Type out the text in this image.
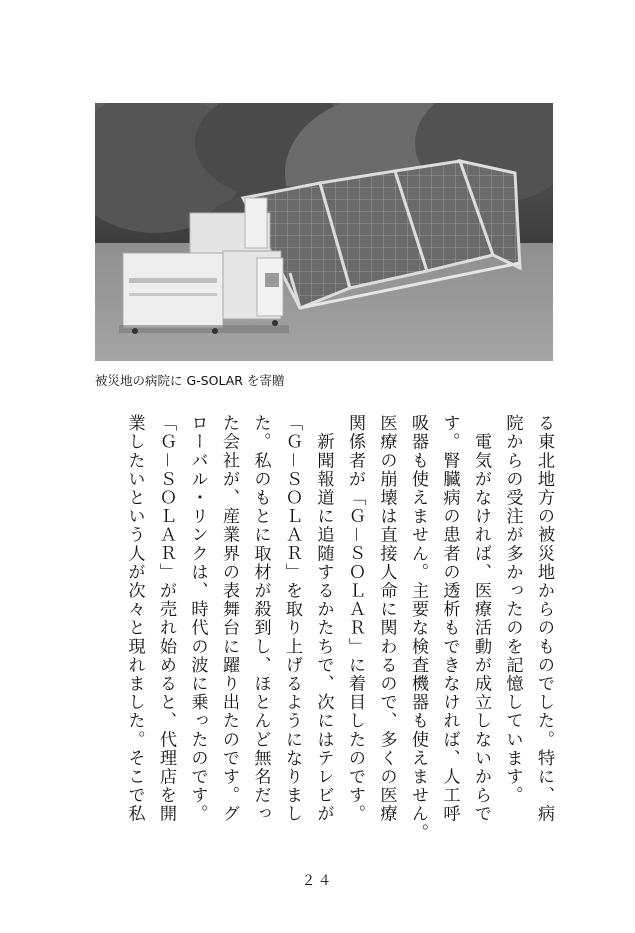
被災地の病院に G-SOLAR を寄贈
る東北地方の被災地からのものでした。特に、病
院からの受注が多かったのを記憶しています。
　電気がなければ、医療活動が成立しないからで
す。腎臓病の患者の透析もできなければ、人工呼
吸器も使えません。主要な検査機器も使えません。
医療の崩壊は直接人命に関わるので、多くの医療
関係者が「Ｇ－ＳＯＬＡＲ」に着目したのです。
　新聞報道に追随するかたちで、次にはテレビが
「Ｇ－ＳＯＬＡＲ」を取り上げるようになりまし
た。私のもとに取材が殺到し、ほとんど無名だっ
た会社が、産業界の表舞台に躍り出たのです。グ
ローバル・リンクは、時代の波に乗ったのです。
「Ｇ－ＳＯＬＡＲ」が売れ始めると、代理店を開
業したいという人が次々と現れました。そこで私
２４
